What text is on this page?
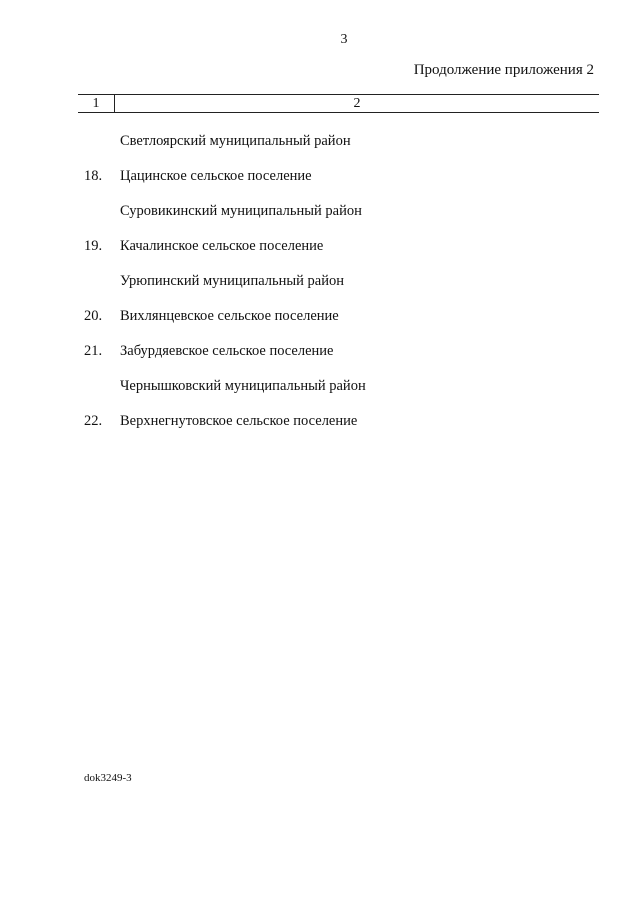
3
Продолжение приложения 2
1	2
Светлоярский муниципальный район
18. Цацинское сельское поселение
Суровикинский муниципальный район
19. Качалинское сельское поселение
Урюпинский муниципальный район
20. Вихлянцевское сельское поселение
21. Забурдяевское сельское поселение
Чернышковский муниципальный район
22. Верхнегнутовское сельское поселение
dok3249-3
